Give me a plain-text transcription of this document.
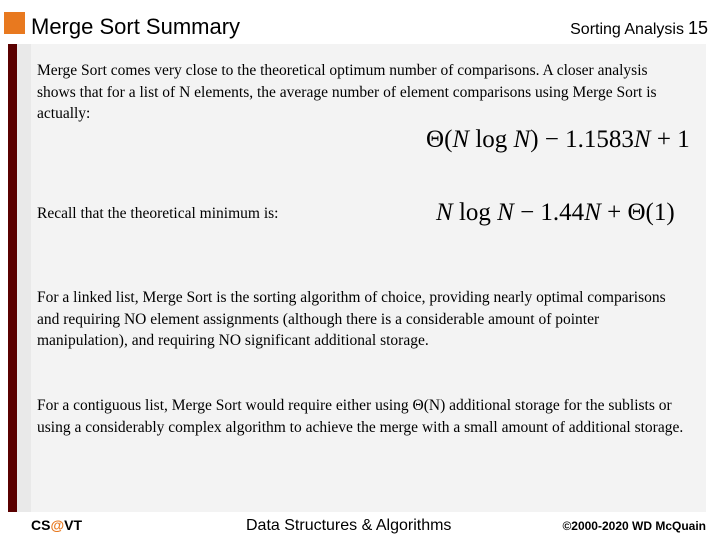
Merge Sort Summary	Sorting Analysis 15
Merge Sort comes very close to the theoretical optimum number of comparisons. A closer analysis shows that for a list of N elements, the average number of element comparisons using Merge Sort is actually:
Θ(N log N) − 1.1583N + 1
Recall that the theoretical minimum is:	N log N − 1.44N + Θ(1)
For a linked list, Merge Sort is the sorting algorithm of choice, providing nearly optimal comparisons and requiring NO element assignments (although there is a considerable amount of pointer manipulation), and requiring NO significant additional storage.
For a contiguous list, Merge Sort would require either using Θ(N) additional storage for the sublists or using a considerably complex algorithm to achieve the merge with a small amount of additional storage.
CS@VT	Data Structures & Algorithms	©2000-2020 WD McQuain
